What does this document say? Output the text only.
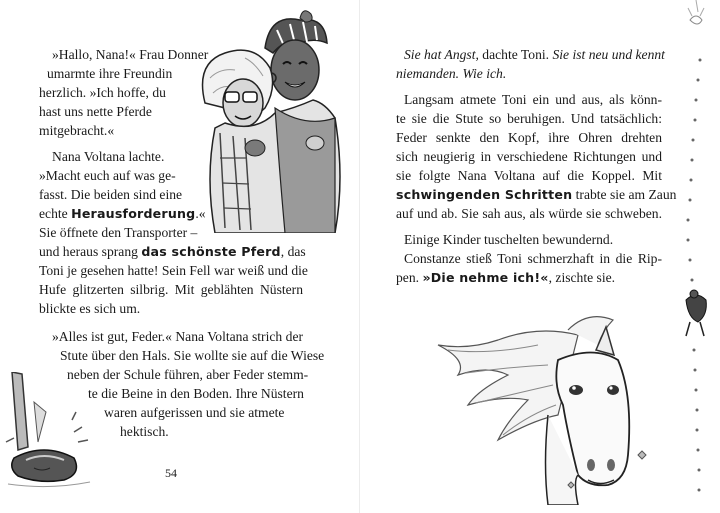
»Hallo, Nana!« Frau Donner
umarmte ihre Freundin
herzlich. »Ich hoffe, du
hast uns nette Pferde
mitgebracht.«
Nana Voltana lachte.
»Macht euch auf was ge-
fasst. Die beiden sind eine
echte Herausforderung.«
Sie öffnete den Transporter –
und heraus sprang das schönste Pferd, das
Toni je gesehen hatte! Sein Fell war weiß und die
Hufe glitzerten silbrig. Mit geblähten Nüstern
blickte es sich um.
»Alles ist gut, Feder.« Nana Voltana strich der
Stute über den Hals. Sie wollte sie auf die Wiese
neben der Schule führen, aber Feder stemm-
te die Beine in den Boden. Ihre Nüstern
waren aufgerissen und sie atmete
hektisch.
54
Sie hat Angst, dachte Toni. Sie ist neu und kennt
niemanden. Wie ich.
Langsam atmete Toni ein und aus, als könn-
te sie die Stute so beruhigen. Und tatsächlich:
Feder senkte den Kopf, ihre Ohren drehten
sich neugierig in verschiedene Richtungen und
sie folgte Nana Voltana auf die Koppel. Mit
schwingenden Schritten trabte sie am Zaun
auf und ab. Sie sah aus, als würde sie schweben.
Einige Kinder tuschelten bewundernd.
Constanze stieß Toni schmerzhaft in die Rip-
pen. »Die nehme ich!«, zischte sie.
